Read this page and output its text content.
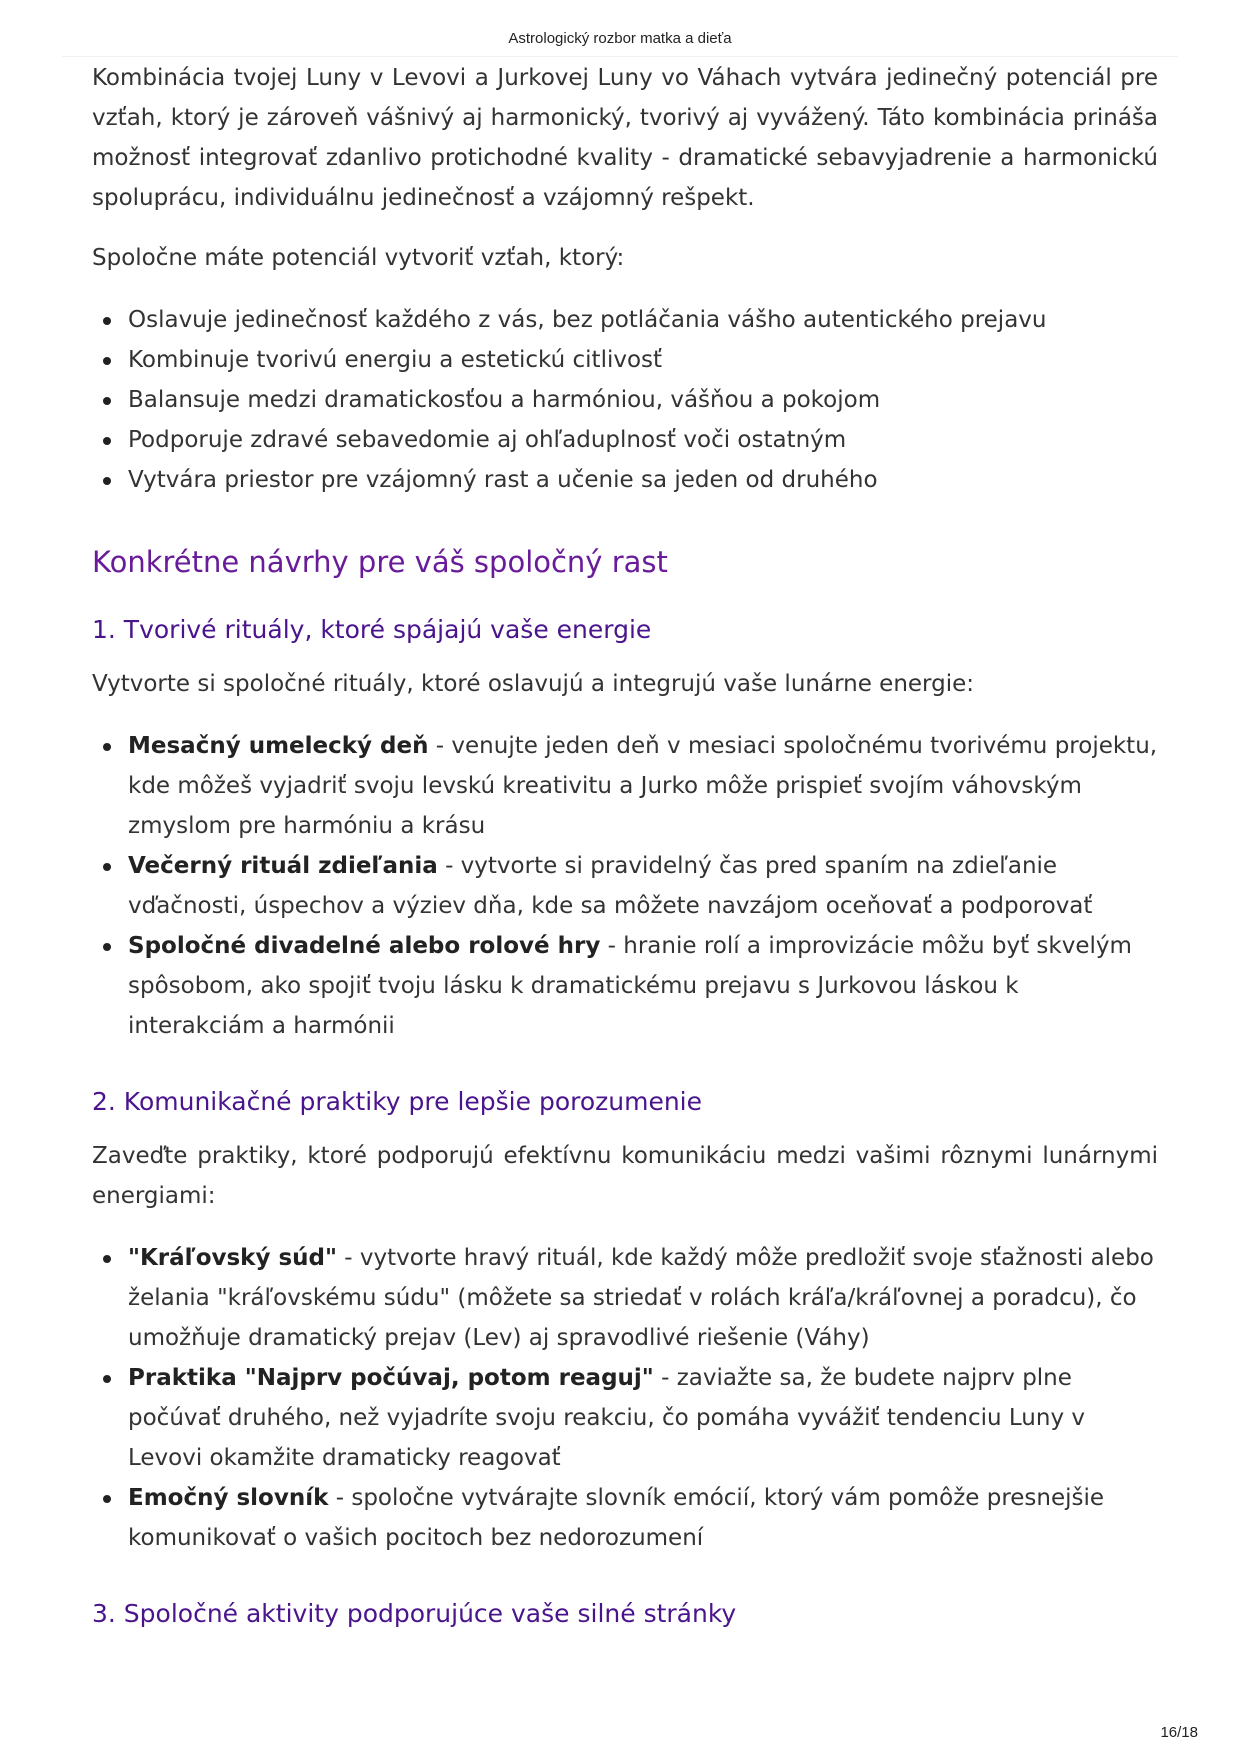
Astrologický rozbor matka a dieťa

Kombinácia tvojej Luny v Levovi a Jurkovej Luny vo Váhach vytvára jedinečný potenciál pre vzťah, ktorý je zároveň vášnivý aj harmonický, tvorivý aj vyvážený. Táto kombinácia prináša možnosť integrovať zdanlivo protichodné kvality - dramatické sebavyjadrenie a harmonickú spoluprácu, individuálnu jedinečnosť a vzájomný rešpekt.

Spoločne máte potenciál vytvoriť vzťah, ktorý:

Oslavuje jedinečnosť každého z vás, bez potláčania vášho autentického prejavu
Kombinuje tvorivú energiu a estetickú citlivosť
Balansuje medzi dramatickosťou a harmóniou, vášňou a pokojom
Podporuje zdravé sebavedomie aj ohľaduplnosť voči ostatným
Vytvára priestor pre vzájomný rast a učenie sa jeden od druhého
Konkrétne návrhy pre váš spoločný rast
1. Tvorivé rituály, ktoré spájajú vaše energie

Vytvorte si spoločné rituály, ktoré oslavujú a integrujú vaše lunárne energie:

Mesačný umelecký deň - venujte jeden deň v mesiaci spoločnému tvorivému projektu, kde môžeš vyjadriť svoju levskú kreativitu a Jurko môže prispieť svojím váhovským zmyslom pre harmóniu a krásu
Večerný rituál zdieľania - vytvorte si pravidelný čas pred spaním na zdieľanie vďačnosti, úspechov a výziev dňa, kde sa môžete navzájom oceňovať a podporovať
Spoločné divadelné alebo rolové hry - hranie rolí a improvizácie môžu byť skvelým spôsobom, ako spojiť tvoju lásku k dramatickému prejavu s Jurkovou láskou k interakciám a harmónii
2. Komunikačné praktiky pre lepšie porozumenie

Zaveďte praktiky, ktoré podporujú efektívnu komunikáciu medzi vašimi rôznymi lunárnymi energiami:

"Kráľovský súd" - vytvorte hravý rituál, kde každý môže predložiť svoje sťažnosti alebo želania "kráľovskému súdu" (môžete sa striedať v rolách kráľa/kráľovnej a poradcu), čo umožňuje dramatický prejav (Lev) aj spravodlivé riešenie (Váhy)
Praktika "Najprv počúvaj, potom reaguj" - zaviažte sa, že budete najprv plne počúvať druhého, než vyjadríte svoju reakciu, čo pomáha vyvážiť tendenciu Luny v Levovi okamžite dramaticky reagovať
Emočný slovník - spoločne vytvárajte slovník emócií, ktorý vám pomôže presnejšie komunikovať o vašich pocitoch bez nedorozumení
3. Spoločné aktivity podporujúce vaše silné stránky
16/18
